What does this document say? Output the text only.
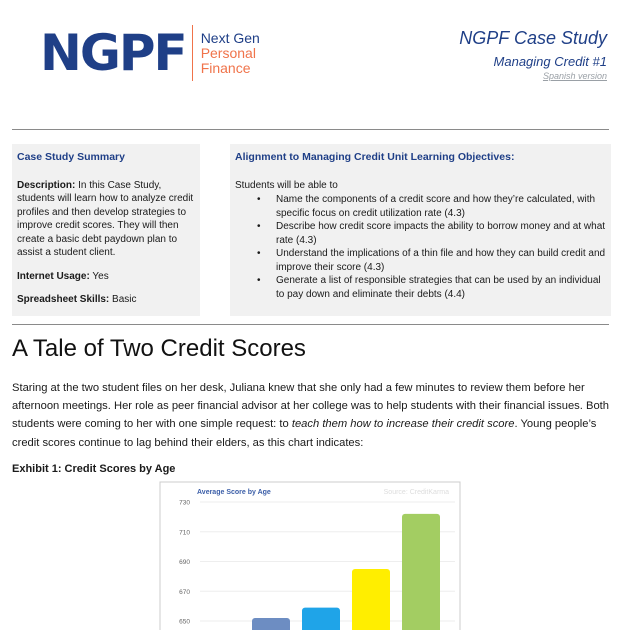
NGPF Next Gen
Personal
Finance
NGPF Case Study
Managing Credit #1
Spanish version
Case Study Summary

Description: In this Case Study, students will learn how to analyze credit profiles and then develop strategies to improve credit scores. They will then create a basic debt paydown plan to assist a student client.

Internet Usage: Yes

Spreadsheet Skills: Basic

Alignment to Managing Credit Unit Learning Objectives:
Students will be able to
• Name the components of a credit score and how they’re calculated, with specific focus on credit utilization rate (4.3)
• Describe how credit score impacts the ability to borrow money and at what rate (4.3)
• Understand the implications of a thin file and how they can build credit and improve their score (4.3)
• Generate a list of responsible strategies that can be used by an individual to pay down and eliminate their debts (4.4)
A Tale of Two Credit Scores

Staring at the two student files on her desk, Juliana knew that she only had a few minutes to review them before her afternoon meetings. Her role as peer financial advisor at her college was to help students with their financial issues. Both students were coming to her with one simple request: to teach them how to increase their credit score. Young people’s credit scores continue to lag behind their elders, as this chart indicates:

Exhibit 1: Credit Scores by Age
Average Score by Age	Source: CreditKarma
650
670
690
710
730
